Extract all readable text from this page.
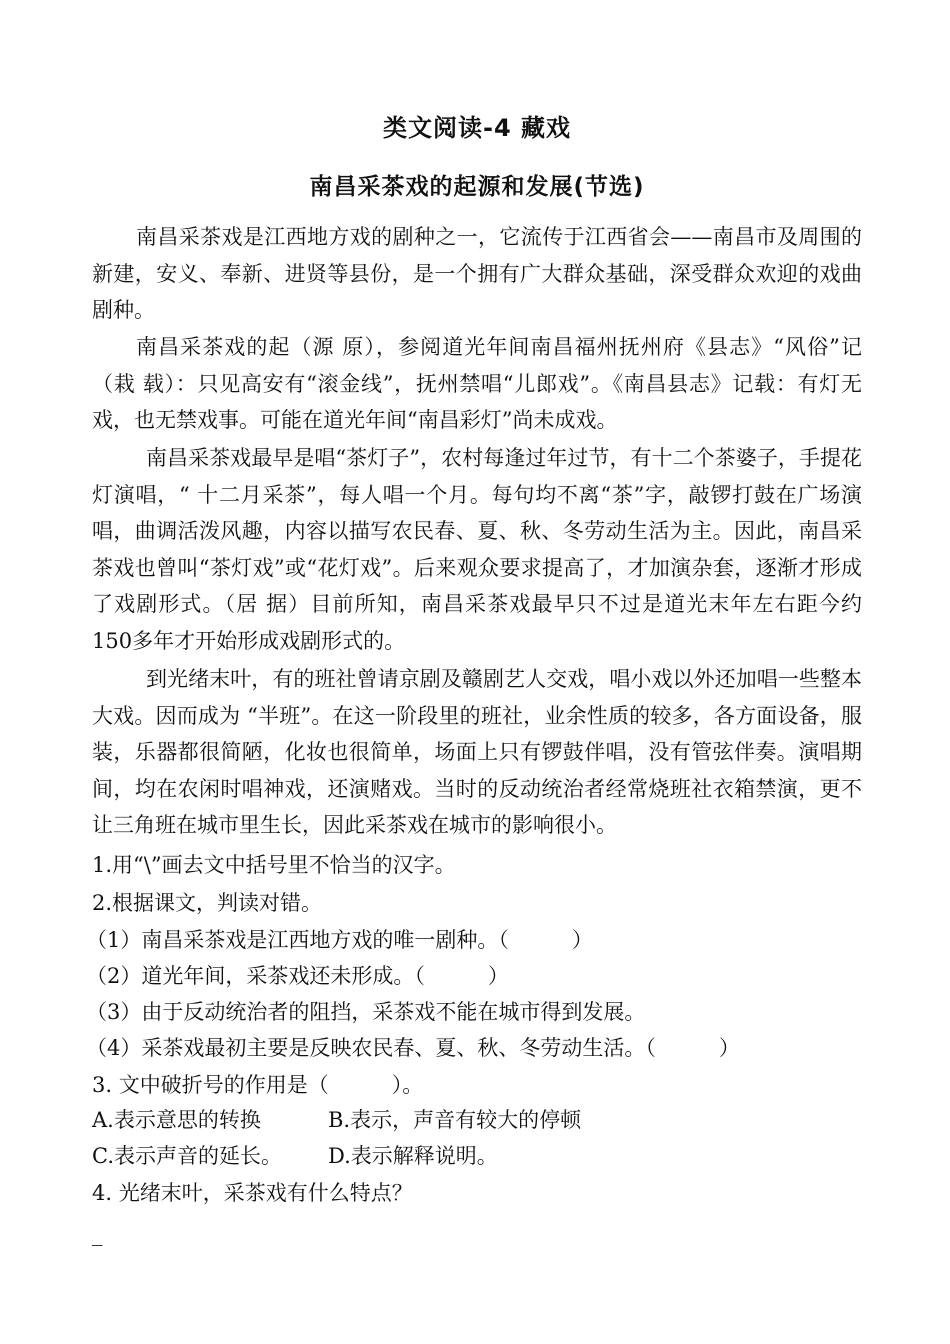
类文阅读-4 藏戏
南昌采茶戏的起源和发展(节选)
南昌采茶戏是江西地方戏的剧种之一，它流传于江西省会——南昌市及周围的新建，安义、奉新、进贤等县份，是一个拥有广大群众基础，深受群众欢迎的戏曲剧种。
南昌采茶戏的起（源 原），参阅道光年间南昌福州抚州府《县志》“风俗”记（栽 载）：只见高安有“滚金线”，抚州禁唱“儿郎戏”。《南昌县志》记载：有灯无戏，也无禁戏事。可能在道光年间“南昌彩灯”尚未成戏。
南昌采茶戏最早是唱“茶灯子”，农村每逢过年过节，有十二个茶婆子，手提花灯演唱，“ 十二月采茶”，每人唱一个月。每句均不离“茶”字，敲锣打鼓在广场演唱，曲调活泼风趣，内容以描写农民春、夏、秋、冬劳动生活为主。因此，南昌采茶戏也曾叫“茶灯戏”或“花灯戏”。后来观众要求提高了，才加演杂套，逐渐才形成了戏剧形式。（居 据）目前所知，南昌采茶戏最早只不过是道光末年左右距今约150多年才开始形成戏剧形式的。
到光绪末叶，有的班社曾请京剧及赣剧艺人交戏，唱小戏以外还加唱一些整本大戏。因而成为 “半班”。在这一阶段里的班社，业余性质的较多，各方面设备，服装，乐器都很简陋，化妆也很简单，场面上只有锣鼓伴唱，没有管弦伴奏。演唱期间，均在农闲时唱神戏，还演赌戏。当时的反动统治者经常烧班社衣箱禁演，更不让三角班在城市里生长，因此采茶戏在城市的影响很小。
1.用“\”画去文中括号里不恰当的汉字。
2.根据课文，判读对错。
（1）南昌采茶戏是江西地方戏的唯一剧种。（　　　）
（2）道光年间，采茶戏还未形成。（　　　）
（3）由于反动统治者的阻挡，采茶戏不能在城市得到发展。
（4）采茶戏最初主要是反映农民春、夏、秋、冬劳动生活。（　　　）
3. 文中破折号的作用是（　　　）。
A.表示意思的转换	B.表示，声音有较大的停顿
C.表示声音的延长。 D.表示解释说明。
4. 光绪末叶，采茶戏有什么特点？
_
